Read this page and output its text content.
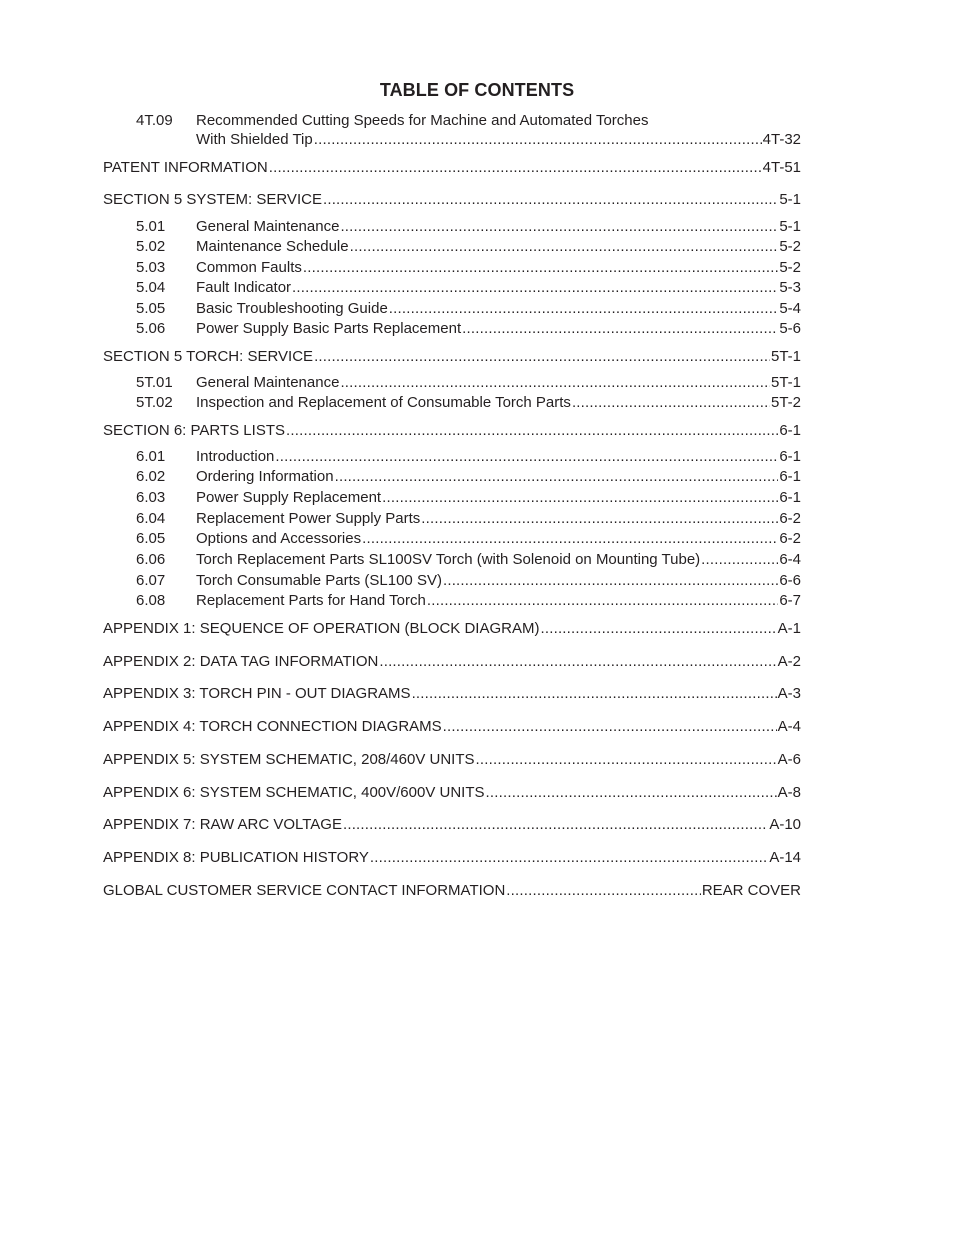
TABLE OF CONTENTS
4T.09	Recommended Cutting Speeds for Machine and Automated Torches
With Shielded Tip .....	4T-32
PATENT INFORMATION .....	4T-51
SECTION 5 SYSTEM: SERVICE .....	5-1
5.01	General Maintenance .....	5-1
5.02	Maintenance Schedule .....	5-2
5.03	Common Faults .....	5-2
5.04	Fault Indicator .....	5-3
5.05	Basic Troubleshooting Guide .....	5-4
5.06	Power Supply Basic Parts Replacement .....	5-6
SECTION 5 TORCH: SERVICE .....	5T-1
5T.01	General Maintenance .....	5T-1
5T.02	Inspection and Replacement of Consumable Torch Parts .....	5T-2
SECTION 6: PARTS LISTS .....	6-1
6.01	Introduction .....	6-1
6.02	Ordering Information .....	6-1
6.03	Power Supply Replacement .....	6-1
6.04	Replacement Power Supply Parts .....	6-2
6.05	Options and Accessories .....	6-2
6.06	Torch Replacement Parts SL100SV Torch (with Solenoid on Mounting Tube) .....	6-4
6.07	Torch Consumable Parts (SL100 SV) .....	6-6
6.08	Replacement Parts for Hand Torch .....	6-7
APPENDIX 1: SEQUENCE OF OPERATION (BLOCK DIAGRAM) .....	A-1
APPENDIX 2: DATA TAG INFORMATION .....	A-2
APPENDIX 3: TORCH PIN - OUT DIAGRAMS .....	A-3
APPENDIX 4: TORCH CONNECTION DIAGRAMS .....	A-4
APPENDIX 5: SYSTEM SCHEMATIC, 208/460V UNITS .....	A-6
APPENDIX 6: SYSTEM SCHEMATIC, 400V/600V UNITS .....	A-8
APPENDIX 7: RAW ARC VOLTAGE .....	A-10
APPENDIX 8: PUBLICATION HISTORY .....	A-14
GLOBAL CUSTOMER SERVICE CONTACT INFORMATION .....	REAR COVER
